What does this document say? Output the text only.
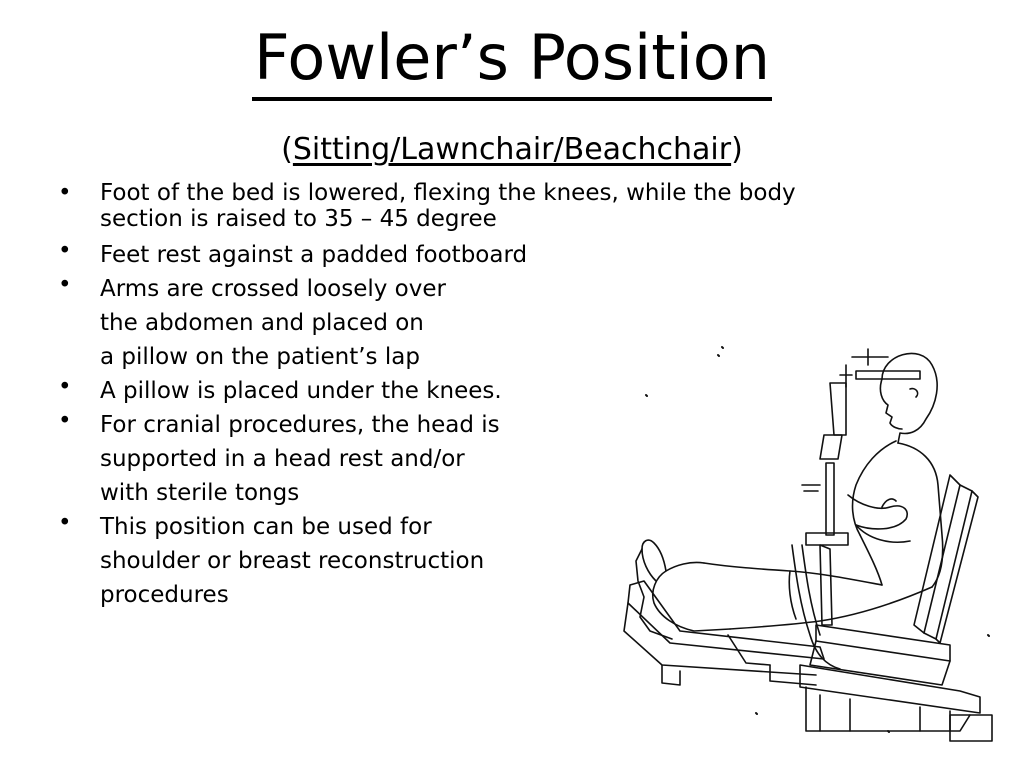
Fowler’s Position
(Sitting/Lawnchair/Beachchair)
• Foot of the bed is lowered, flexing the knees, while the body
section is raised to 35 – 45 degree
• Feet rest against a padded footboard
• Arms are crossed loosely over
the abdomen and placed on
a pillow on the patient’s lap
• A pillow is placed under the knees.
• For cranial procedures, the head is
supported in a head rest and/or
with sterile tongs
• This position can be used for
shoulder or breast reconstruction
procedures
